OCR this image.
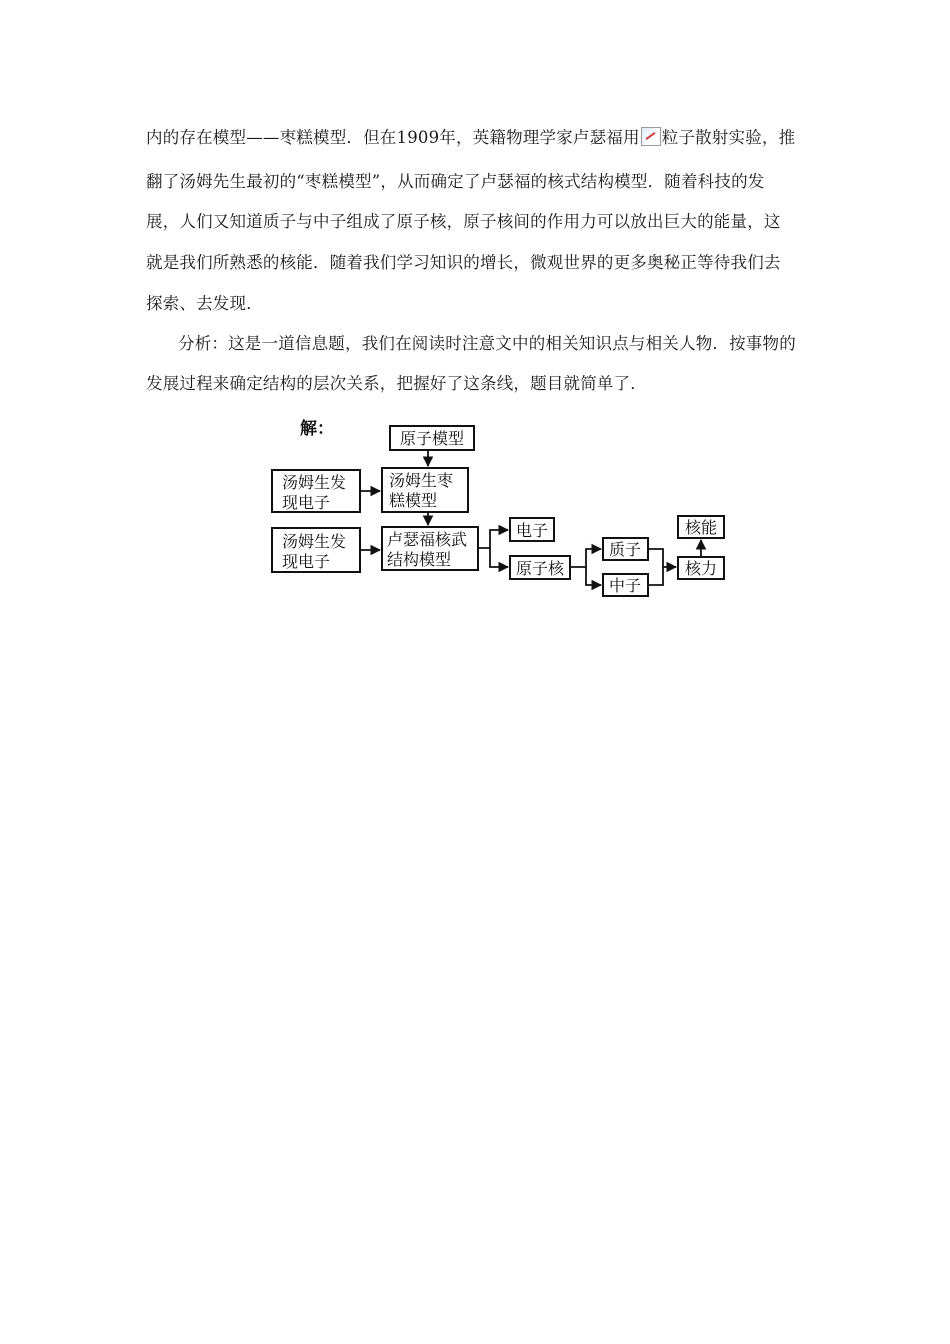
内的存在模型——枣糕模型．但在1909年，英籍物理学家卢瑟福用 粒子散射实验，推
翻了汤姆先生最初的“枣糕模型”，从而确定了卢瑟福的核式结构模型．随着科技的发
展，人们又知道质子与中子组成了原子核，原子核间的作用力可以放出巨大的能量，这
就是我们所熟悉的核能．随着我们学习知识的增长，微观世界的更多奥秘正等待我们去
探索、去发现．
分析：这是一道信息题，我们在阅读时注意文中的相关知识点与相关人物．按事物的
发展过程来确定结构的层次关系，把握好了这条线，题目就简单了．
解：	原子模型
汤姆生发
现电子
汤姆生枣
糕模型
汤姆生发
现电子
卢瑟福核武
结构模型
电子
原子核
质子
中子
核力
核能
